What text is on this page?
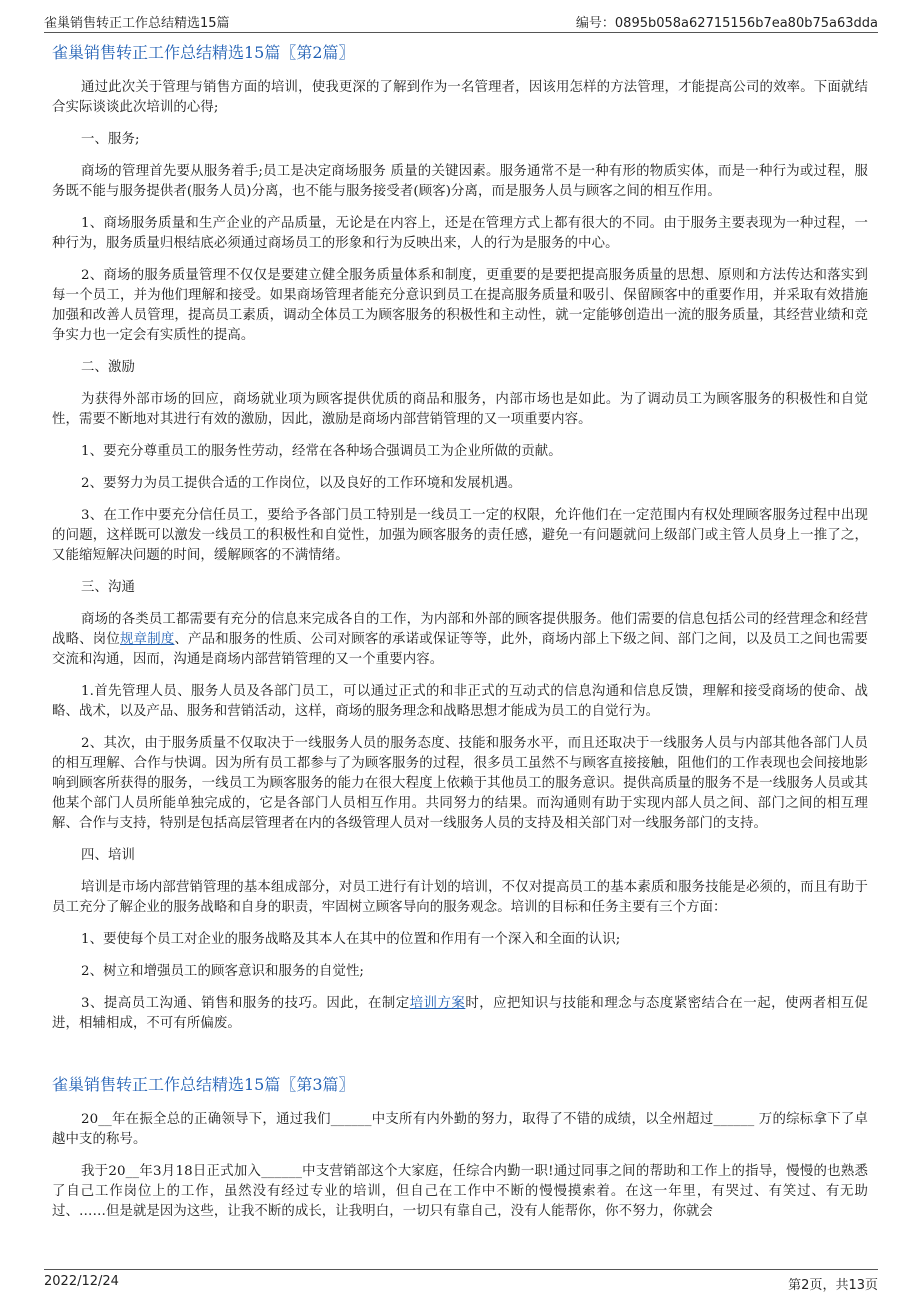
雀巢销售转正工作总结精选15篇	编号：0895b058a62715156b7ea80b75a63dda
雀巢销售转正工作总结精选15篇〖第2篇〗

通过此次关于管理与销售方面的培训，使我更深的了解到作为一名管理者，因该用怎样的方法管理，才能提高公司的效率。下面就结合实际谈谈此次培训的心得;

一、服务;

商场的管理首先要从服务着手;员工是决定商场服务 质量的关键因素。服务通常不是一种有形的物质实体，而是一种行为或过程，服务既不能与服务提供者(服务人员)分离，也不能与服务接受者(顾客)分离，而是服务人员与顾客之间的相互作用。

1、商场服务质量和生产企业的产品质量，无论是在内容上，还是在管理方式上都有很大的不同。由于服务主要表现为一种过程，一种行为，服务质量归根结底必须通过商场员工的形象和行为反映出来，人的行为是服务的中心。

2、商场的服务质量管理不仅仅是要建立健全服务质量体系和制度，更重要的是要把提高服务质量的思想、原则和方法传达和落实到每一个员工，并为他们理解和接受。如果商场管理者能充分意识到员工在提高服务质量和吸引、保留顾客中的重要作用，并采取有效措施加强和改善人员管理，提高员工素质，调动全体员工为顾客服务的积极性和主动性，就一定能够创造出一流的服务质量，其经营业绩和竞争实力也一定会有实质性的提高。

二、激励

为获得外部市场的回应，商场就业项为顾客提供优质的商品和服务，内部市场也是如此。为了调动员工为顾客服务的积极性和自觉性，需要不断地对其进行有效的激励，因此，激励是商场内部营销管理的又一项重要内容。

1、要充分尊重员工的服务性劳动，经常在各种场合强调员工为企业所做的贡献。

2、要努力为员工提供合适的工作岗位，以及良好的工作环境和发展机遇。

3、在工作中要充分信任员工，要给予各部门员工特别是一线员工一定的权限，允许他们在一定范围内有权处理顾客服务过程中出现的问题，这样既可以激发一线员工的积极性和自觉性，加强为顾客服务的责任感，避免一有问题就问上级部门或主管人员身上一推了之，又能缩短解决问题的时间，缓解顾客的不满情绪。

三、沟通

商场的各类员工都需要有充分的信息来完成各自的工作，为内部和外部的顾客提供服务。他们需要的信息包括公司的经营理念和经营战略、岗位规章制度、产品和服务的性质、公司对顾客的承诺或保证等等，此外，商场内部上下级之间、部门之间，以及员工之间也需要交流和沟通，因而，沟通是商场内部营销管理的又一个重要内容。

1.首先管理人员、服务人员及各部门员工，可以通过正式的和非正式的互动式的信息沟通和信息反馈，理解和接受商场的使命、战略、战术，以及产品、服务和营销活动，这样，商场的服务理念和战略思想才能成为员工的自觉行为。

2、其次，由于服务质量不仅取决于一线服务人员的服务态度、技能和服务水平，而且还取决于一线服务人员与内部其他各部门人员的相互理解、合作与快调。因为所有员工都参与了为顾客服务的过程，很多员工虽然不与顾客直接接触，阻他们的工作表现也会间接地影响到顾客所获得的服务，一线员工为顾客服务的能力在很大程度上依赖于其他员工的服务意识。提供高质量的服务不是一线服务人员或其他某个部门人员所能单独完成的，它是各部门人员相互作用。共同努力的结果。而沟通则有助于实现内部人员之间、部门之间的相互理解、合作与支持，特别是包括高层管理者在内的各级管理人员对一线服务人员的支持及相关部门对一线服务部门的支持。

四、培训

培训是市场内部营销管理的基本组成部分，对员工进行有计划的培训，不仅对提高员工的基本素质和服务技能是必须的，而且有助于员工充分了解企业的服务战略和自身的职责，牢固树立顾客导向的服务观念。培训的目标和任务主要有三个方面：

1、要使每个员工对企业的服务战略及其本人在其中的位置和作用有一个深入和全面的认识;

2、树立和增强员工的顾客意识和服务的自觉性;

3、提高员工沟通、销售和服务的技巧。因此，在制定培训方案时，应把知识与技能和理念与态度紧密结合在一起，使两者相互促进，相辅相成，不可有所偏废。

雀巢销售转正工作总结精选15篇〖第3篇〗

20__年在振全总的正确领导下，通过我们______中支所有内外勤的努力，取得了不错的成绩，以全州超过______ 万的综标拿下了卓越中支的称号。

我于20__年3月18日正式加入______中支营销部这个大家庭，任综合内勤一职!通过同事之间的帮助和工作上的指导，慢慢的也熟悉了自己工作岗位上的工作，虽然没有经过专业的培训，但自己在工作中不断的慢慢摸索着。在这一年里，有哭过、有笑过、有无助过、……但是就是因为这些，让我不断的成长，让我明白，一切只有靠自己，没有人能帮你，你不努力，你就会

2022/12/24	第2页，共13页
